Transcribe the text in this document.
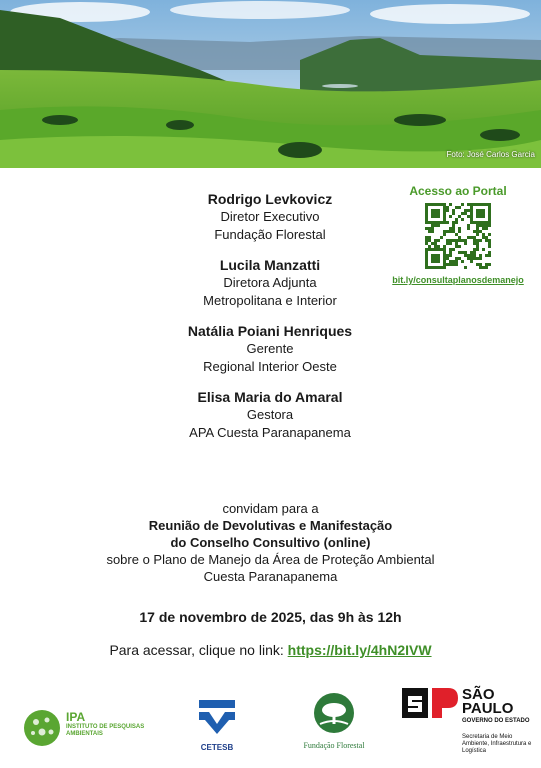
Foto: José Carlos Garcia
Rodrigo Levkovicz
Diretor Executivo
Fundação Florestal
Lucila Manzatti
Diretora Adjunta
Metropolitana e Interior
Natália Poiani Henriques
Gerente
Regional Interior Oeste
Elisa Maria do Amaral
Gestora
APA Cuesta Paranapanema
Acesso ao Portal
bit.ly/consultaplanosdemanejo
convidam para a
Reunião de Devolutivas e Manifestação
do Conselho Consultivo (online)
sobre o Plano de Manejo da Área de Proteção Ambiental
Cuesta Paranapanema
17 de novembro de 2025, das 9h às 12h
Para acessar, clique no link: https://bit.ly/4hN2IVW
IPA
INSTITUTO DE PESQUISAS AMBIENTAIS
CETESB	Fundação Florestal
SÃO PAULO
GOVERNO DO ESTADO
Secretaria de Meio Ambiente, Infraestrutura e Logística
